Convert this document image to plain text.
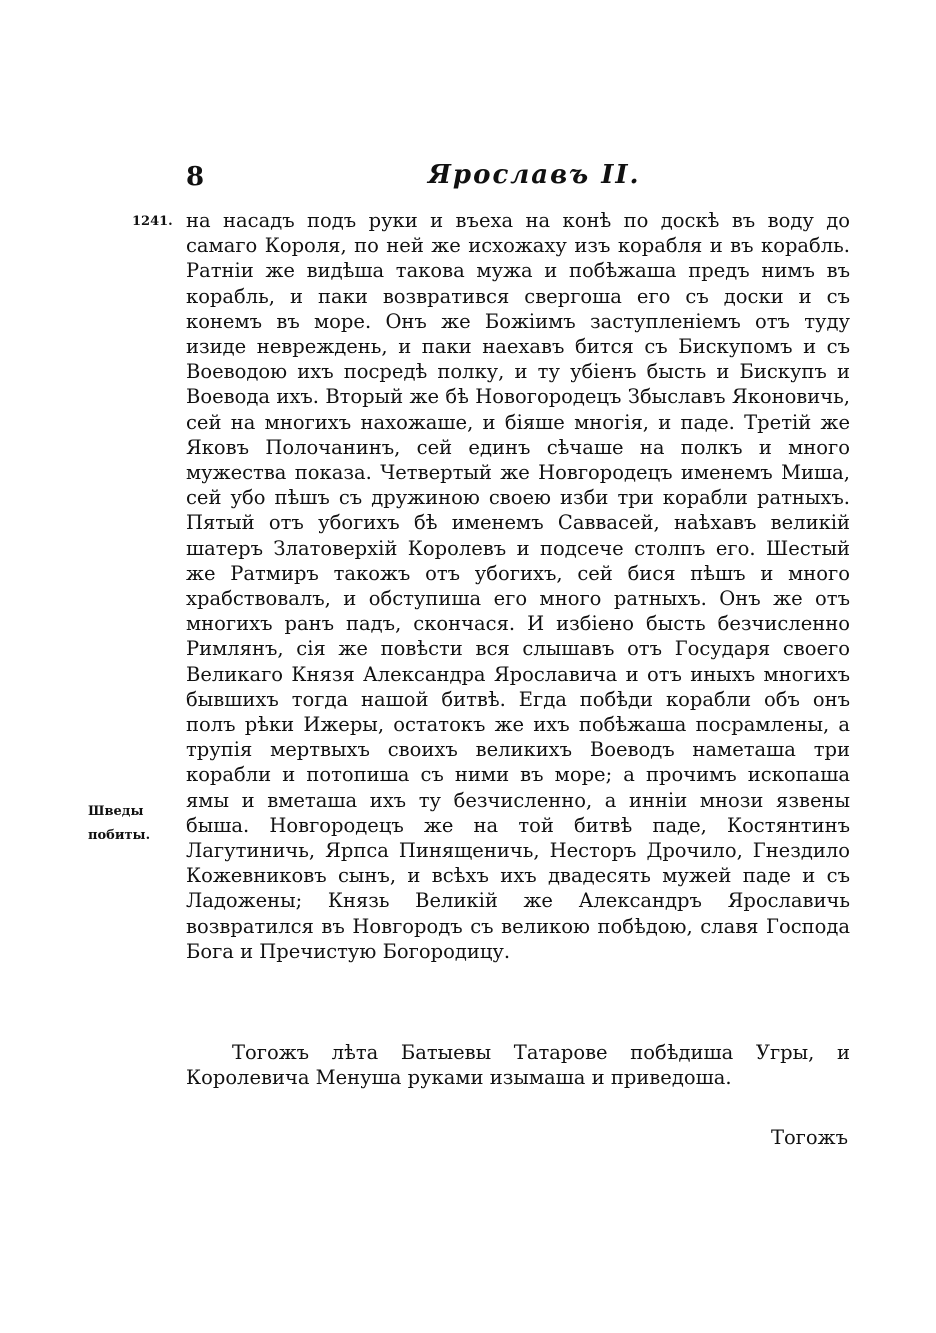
8	Ярославъ II.
1241.
Шведы побиты.

на насадъ подъ руки и въеха на конѣ по доскѣ въ воду до самаго Короля, по ней же исхожаху изъ корабля и въ корабль. Ратніи же видѣша такова мужа и побѣжаша предъ нимъ въ корабль, и паки возвратився свергоша его съ доски и съ конемъ въ море. Онъ же Божіимъ заступленіемъ отъ туду изиде невреждень, и паки наехавъ бится съ Бискупомъ и съ Воеводою ихъ посредѣ полку, и ту убіенъ бысть и Бискупъ и Воевода ихъ. Вторый же бѣ Новогородецъ Збыславъ Яконовичь, сей на многихъ нахожаше, и біяше многія, и паде. Третій же Яковъ Полочанинъ, сей единъ сѣчаше на полкъ и много мужества показа. Четвертый же Новгородецъ именемъ Миша, сей убо пѣшъ съ дружиною своею изби три корабли ратныхъ. Пятый отъ убогихъ бѣ именемъ Саввасей, наѣхавъ великій шатеръ Златоверхій Королевъ и подсече столпъ его. Шестый же Ратмиръ такожъ отъ убогихъ, сей бися пѣшъ и много храбствовалъ, и обступиша его много ратныхъ. Онъ же отъ многихъ ранъ падъ, скончася. И избіено бысть безчисленно Римлянъ, сія же повѣсти вся слышавъ отъ Государя своего Великаго Князя Александра Ярославича и отъ иныхъ многихъ бывшихъ тогда нашой битвѣ. Егда побѣди корабли объ онъ полъ рѣки Ижеры, остатокъ же ихъ побѣжаша посрамлены, а трупія мертвыхъ своихъ великихъ Воеводъ наметаша три корабли и потопиша съ ними въ море; а прочимъ ископаша ямы и вметаша ихъ ту безчисленно, а инніи мнози язвены быша. Новгородецъ же на той битвѣ паде, Костянтинъ Лагутиничь, Ярпса Пинященичь, Несторъ Дрочило, Гнездило Кожевниковъ сынъ, и всѣхъ ихъ двадесять мужей паде и съ Ладожены; Князь Великій же Александръ Ярославичь возвратился въ Новгородъ съ великою побѣдою, славя Господа Бога и Пречистую Богородицу.

Тогожъ лѣта Батыевы Татарове побѣдиша Угры, и Королевича Менуша руками изымаша и приведоша.

Тогожъ
